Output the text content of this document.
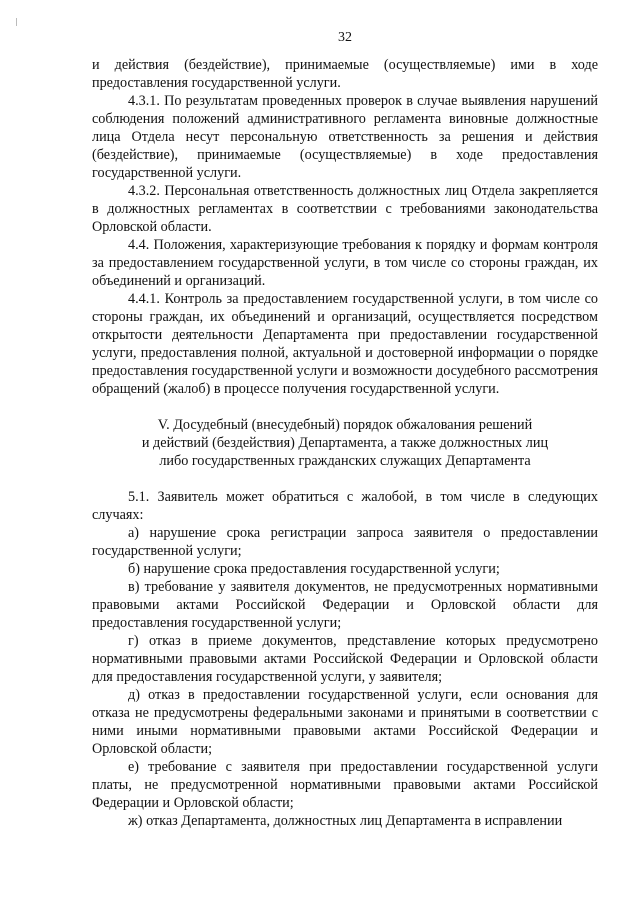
32

и действия (бездействие), принимаемые (осуществляемые) ими в ходе предоставления государственной услуги.

4.3.1. По результатам проведенных проверок в случае выявления нарушений соблюдения положений административного регламента виновные должностные лица Отдела несут персональную ответственность за решения и действия (бездействие), принимаемые (осуществляемые) в ходе предоставления государственной услуги.

4.3.2. Персональная ответственность должностных лиц Отдела закрепляется в должностных регламентах в соответствии с требованиями законодательства Орловской области.

4.4. Положения, характеризующие требования к порядку и формам контроля за предоставлением государственной услуги, в том числе со стороны граждан, их объединений и организаций.

4.4.1. Контроль за предоставлением государственной услуги, в том числе со стороны граждан, их объединений и организаций, осуществляется посредством открытости деятельности Департамента при предоставлении государственной услуги, предоставления полной, актуальной и достоверной информации о порядке предоставления государственной услуги и возможности досудебного рассмотрения обращений (жалоб) в процессе получения государственной услуги.

V. Досудебный (внесудебный) порядок обжалования решений

и действий (бездействия) Департамента, а также должностных лиц

либо государственных гражданских служащих Департамента

5.1. Заявитель может обратиться с жалобой, в том числе в следующих случаях:

а) нарушение срока регистрации запроса заявителя о предоставлении государственной услуги;

б) нарушение срока предоставления государственной услуги;

в) требование у заявителя документов, не предусмотренных нормативными правовыми актами Российской Федерации и Орловской области для предоставления государственной услуги;

г) отказ в приеме документов, представление которых предусмотрено нормативными правовыми актами Российской Федерации и Орловской области для предоставления государственной услуги, у заявителя;

д) отказ в предоставлении государственной услуги, если основания для отказа не предусмотрены федеральными законами и принятыми в соответствии с ними иными нормативными правовыми актами Российской Федерации и Орловской области;

е) требование с заявителя при предоставлении государственной услуги платы, не предусмотренной нормативными правовыми актами Российской Федерации и Орловской области;

ж) отказ Департамента, должностных лиц Департамента в исправлении
